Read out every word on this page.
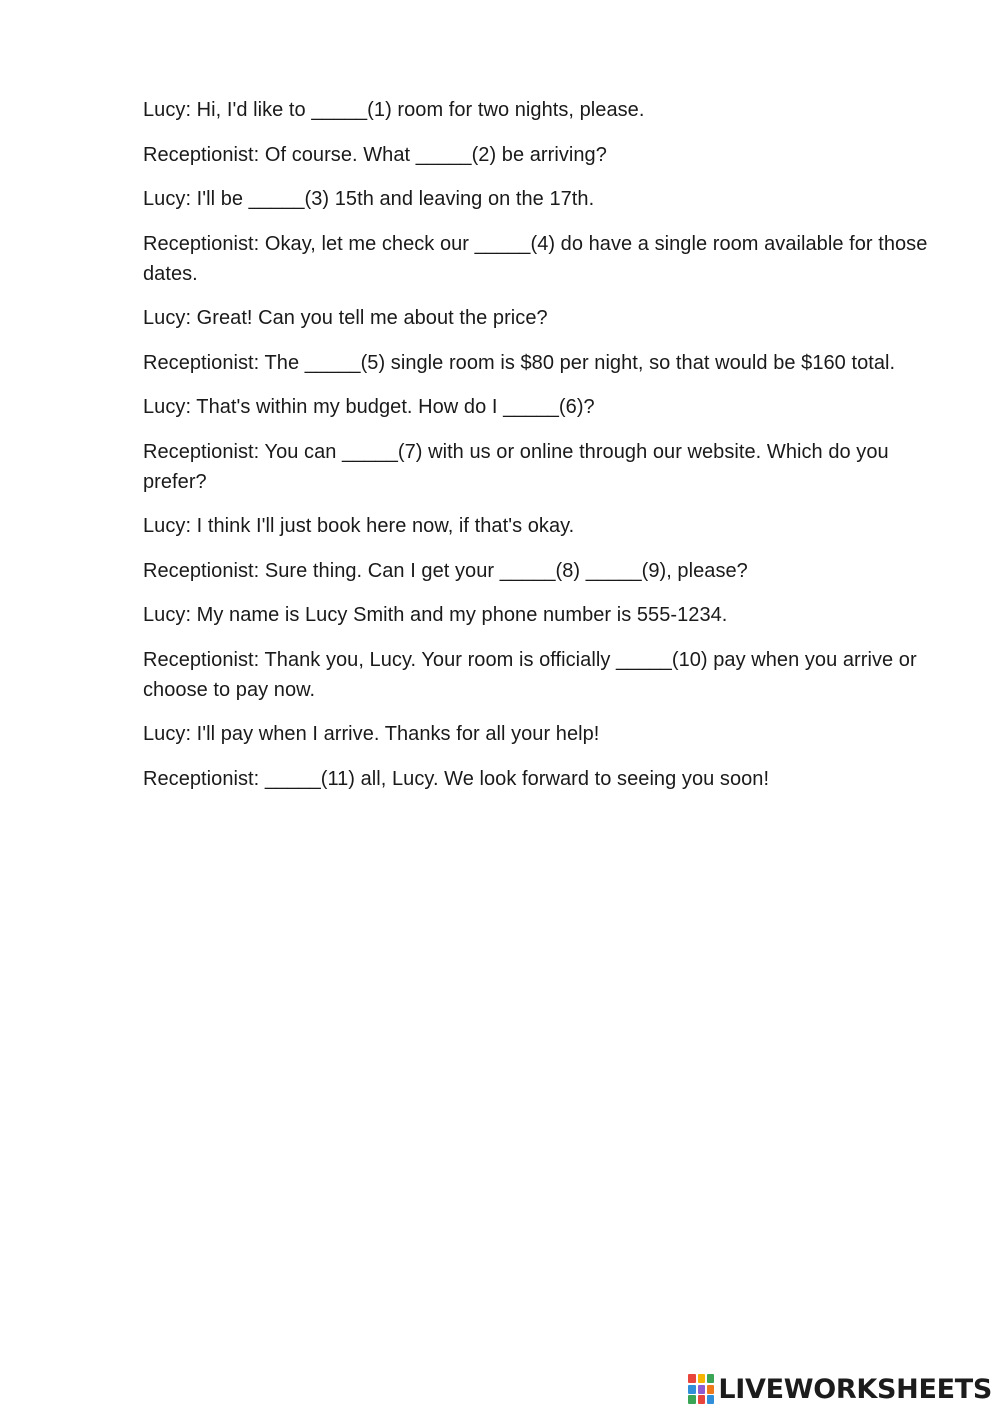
Lucy: Hi, I'd like to _____(1) room for two nights, please.

Receptionist: Of course. What _____(2) be arriving?

Lucy: I'll be _____(3) 15th and leaving on the 17th.

Receptionist: Okay, let me check our _____(4) do have a single room available for those dates.

Lucy: Great! Can you tell me about the price?

Receptionist: The _____(5) single room is $80 per night, so that would be $160 total.

Lucy: That's within my budget. How do I _____(6)?

Receptionist: You can _____(7) with us or online through our website. Which do you prefer?

Lucy: I think I'll just book here now, if that's okay.

Receptionist: Sure thing. Can I get your _____(8) _____(9), please?

Lucy: My name is Lucy Smith and my phone number is 555-1234.

Receptionist: Thank you, Lucy. Your room is officially _____(10) pay when you arrive or choose to pay now.

Lucy: I'll pay when I arrive. Thanks for all your help!

Receptionist: _____(11) all, Lucy. We look forward to seeing you soon!

LIVEWORKSHEETS
